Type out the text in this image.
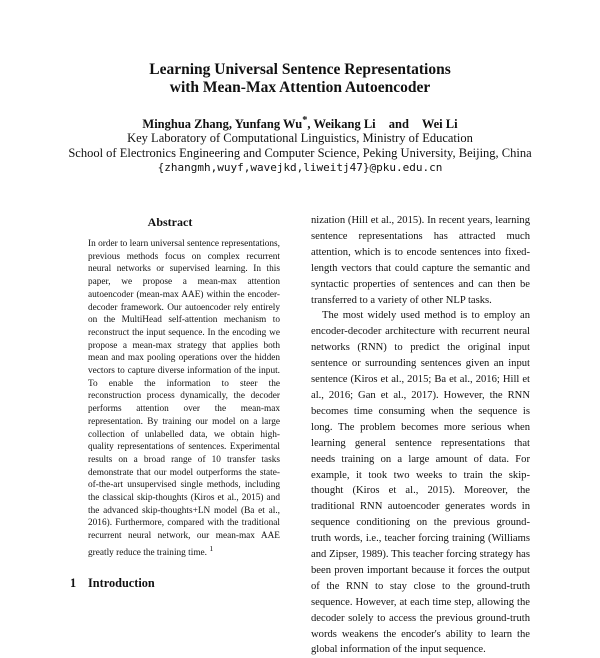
Learning Universal Sentence Representations
with Mean-Max Attention Autoencoder
Minghua Zhang, Yunfang Wu*, Weikang Li and Wei Li
Key Laboratory of Computational Linguistics, Ministry of Education
School of Electronics Engineering and Computer Science, Peking University, Beijing, China
{zhangmh,wuyf,wavejkd,liweitj47}@pku.edu.cn
Abstract
In order to learn universal sentence representations, previous methods focus on complex recurrent neural networks or supervised learning. In this paper, we propose a mean-max attention autoencoder (mean-max AAE) within the encoder-decoder framework. Our autoencoder rely entirely on the MultiHead self-attention mechanism to reconstruct the input sequence. In the encoding we propose a mean-max strategy that applies both mean and max pooling operations over the hidden vectors to capture diverse information of the input. To enable the information to steer the reconstruction process dynamically, the decoder performs attention over the mean-max representation. By training our model on a large collection of unlabelled data, we obtain high-quality representations of sentences. Experimental results on a broad range of 10 transfer tasks demonstrate that our model outperforms the state-of-the-art unsupervised single methods, including the classical skip-thoughts (Kiros et al., 2015) and the advanced skip-thoughts+LN model (Ba et al., 2016). Furthermore, compared with the traditional recurrent neural network, our mean-max AAE greatly reduce the training time. $^1$
1 Introduction

nization (Hill et al., 2015). In recent years, learning sentence representations has attracted much attention, which is to encode sentences into fixed-length vectors that could capture the semantic and syntactic properties of sentences and can then be transferred to a variety of other NLP tasks.

The most widely used method is to employ an encoder-decoder architecture with recurrent neural networks (RNN) to predict the original input sentence or surrounding sentences given an input sentence (Kiros et al., 2015; Ba et al., 2016; Hill et al., 2016; Gan et al., 2017). However, the RNN becomes time consuming when the sequence is long. The problem becomes more serious when learning general sentence representations that needs training on a large amount of data. For example, it took two weeks to train the skip-thought (Kiros et al., 2015). Moreover, the traditional RNN autoencoder generates words in sequence conditioning on the previous ground-truth words, i.e., teacher forcing training (Williams and Zipser, 1989). This teacher forcing strategy has been proven important because it forces the output of the RNN to stay close to the ground-truth sequence. However, at each time step, allowing the decoder solely to access the previous ground-truth words weakens the encoder's ability to learn the global information of the input sequence.
